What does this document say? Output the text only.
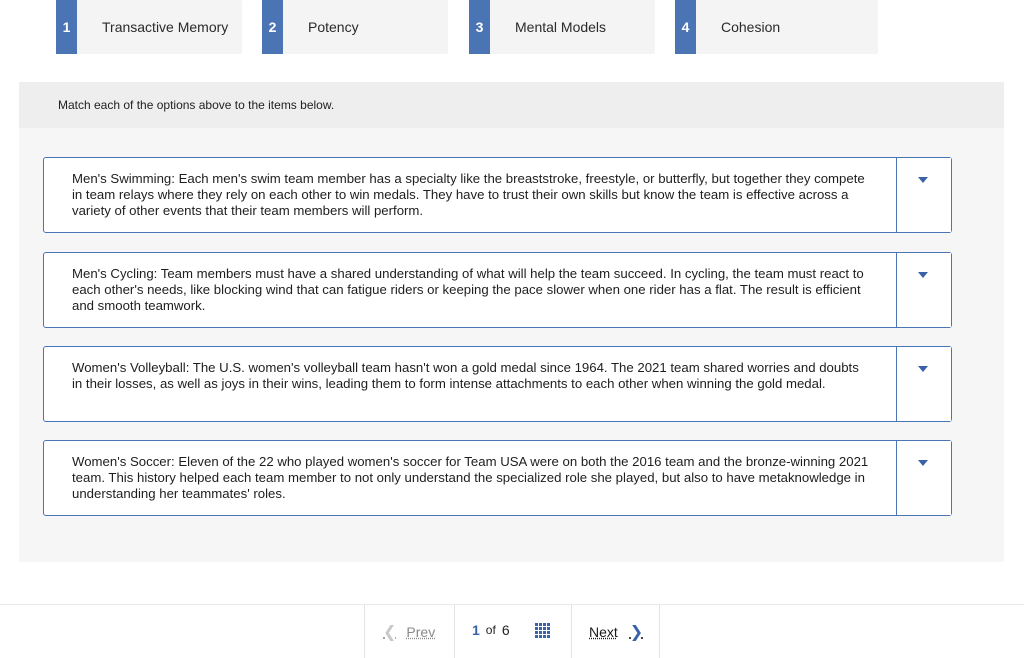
1	Transactive Memory	2	Potency	3	Mental Models	4	Cohesion
Match each of the options above to the items below.
Men's Swimming: Each men's swim team member has a specialty like the breaststroke, freestyle, or butterfly, but together they compete in team relays where they rely on each other to win medals. They have to trust their own skills but know the team is effective across a variety of other events that their team members will perform.
Men's Cycling: Team members must have a shared understanding of what will help the team succeed. In cycling, the team must react to each other's needs, like blocking wind that can fatigue riders or keeping the pace slower when one rider has a flat. The result is efficient and smooth teamwork.
Women's Volleyball: The U.S. women's volleyball team hasn't won a gold medal since 1964. The 2021 team shared worries and doubts in their losses, as well as joys in their wins, leading them to form intense attachments to each other when winning the gold medal.
Women's Soccer: Eleven of the 22 who played women's soccer for Team USA were on both the 2016 team and the bronze-winning 2021 team. This history helped each team member to not only understand the specialized role she played, but also to have metaknowledge in understanding her teammates' roles.
❮ Prev	1 of 6	Next ❯
